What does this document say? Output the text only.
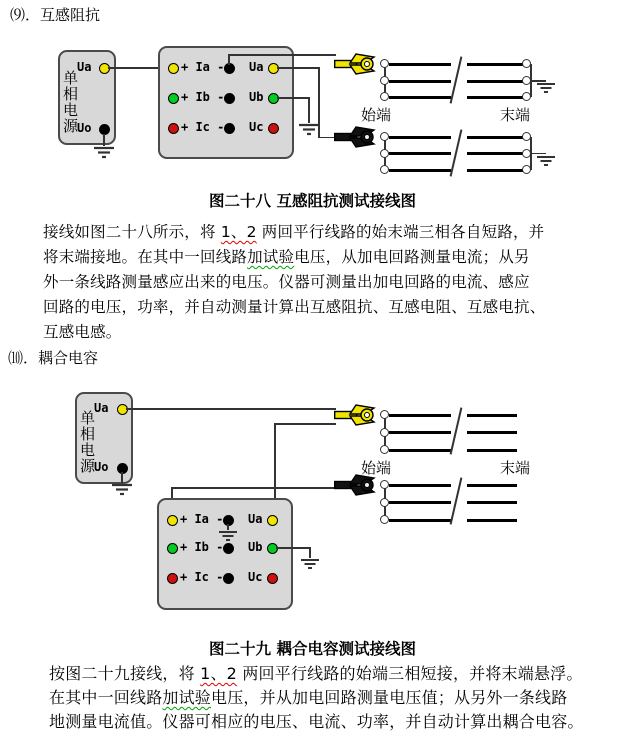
⑼．互感阻抗
单相电源
Ua
Uo
+ Ia - Ua
+ Ib - Ub
+ Ic - Uc
始端	末端
图二十八 互感阻抗测试接线图
接线如图二十八所示，将 1、2 两回平行线路的始末端三相各自短路，并
将末端接地。在其中一回线路加试验电压，从加电回路测量电流；从另
外一条线路测量感应出来的电压。仪器可测量出加电回路的电流、感应
回路的电压，功率，并自动测量计算出互感阻抗、互感电阻、互感电抗、
互感电感。
⑽．耦合电容
单相电源
Ua
Uo	始端	末端
+ Ia - Ua
+ Ib - Ub
+ Ic - Uc
图二十九 耦合电容测试接线图
按图二十九接线，将 1、2 两回平行线路的始端三相短接，并将末端悬浮。
在其中一回线路加试验电压，并从加电回路测量电压值；从另外一条线路
地测量电流值。仪器可相应的电压、电流、功率，并自动计算出耦合电容。
